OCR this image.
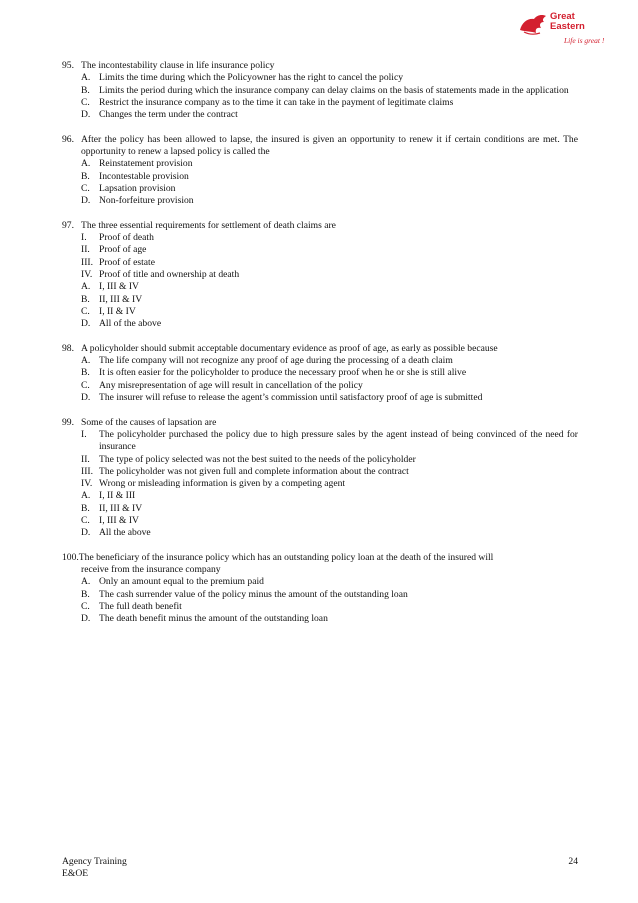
Great
Eastern
Life is great !
95. The incontestability clause in life insurance policy
A. Limits the time during which the Policyowner has the right to cancel the policy
B. Limits the period during which the insurance company can delay claims on the basis of statements made in the application
C. Restrict the insurance company as to the time it can take in the payment of legitimate claims
D. Changes the term under the contract
96. After the policy has been allowed to lapse, the insured is given an opportunity to renew it if certain conditions are met. The opportunity to renew a lapsed policy is called the
A. Reinstatement provision
B. Incontestable provision
C. Lapsation provision
D. Non-forfeiture provision
97. The three essential requirements for settlement of death claims are
I.	Proof of death
II. Proof of age
III. Proof of estate
IV. Proof of title and ownership at death
A. I, III & IV
B. II, III & IV
C. I, II & IV
D. All of the above
98. A policyholder should submit acceptable documentary evidence as proof of age, as early as possible because
A. The life company will not recognize any proof of age during the processing of a death claim
B. It is often easier for the policyholder to produce the necessary proof when he or she is still alive
C. Any misrepresentation of age will result in cancellation of the policy
D. The insurer will refuse to release the agent’s commission until satisfactory proof of age is submitted
99. Some of the causes of lapsation are
I.	The policyholder purchased the policy due to high pressure sales by the agent instead of being convinced of the need for insurance
II. The type of policy selected was not the best suited to the needs of the policyholder
III. The policyholder was not given full and complete information about the contract
IV. Wrong or misleading information is given by a competing agent
A. I, II & III
B. II, III & IV
C. I, III & IV
D. All the above
100. The beneficiary of the insurance policy which has an outstanding policy loan at the death of the insured will
receive from the insurance company
A. Only an amount equal to the premium paid
B. The cash surrender value of the policy minus the amount of the outstanding loan
C. The full death benefit
D. The death benefit minus the amount of the outstanding loan
Agency Training
E&OE
24
